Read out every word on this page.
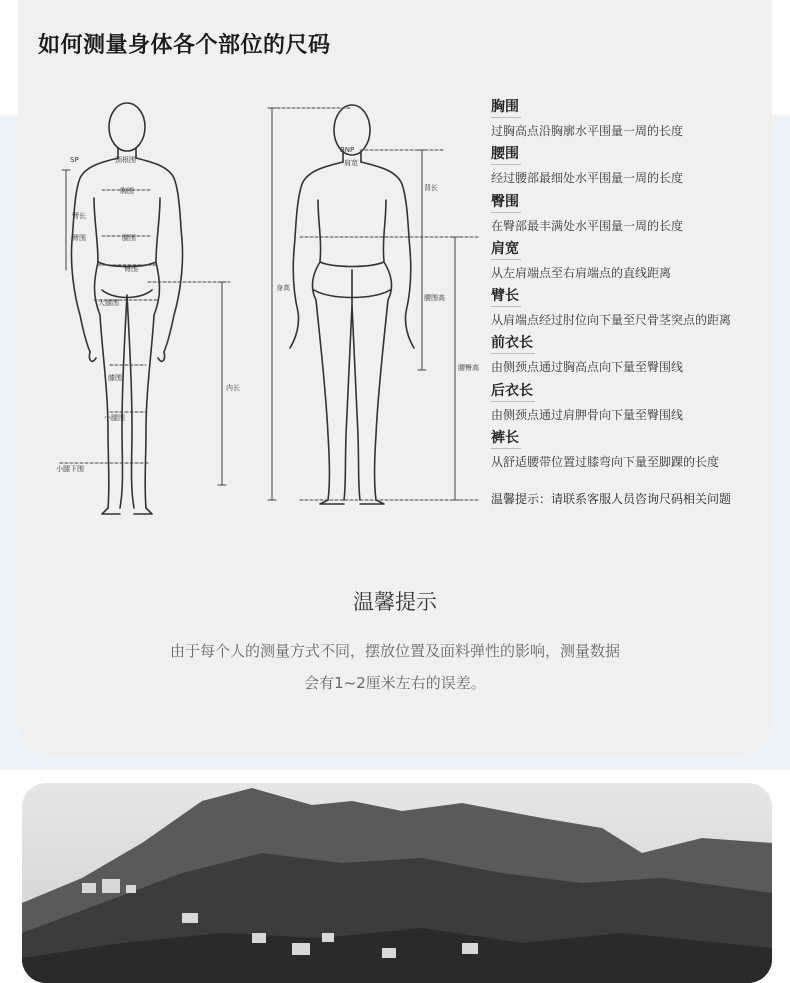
如何测量身体各个部位的尺码
SP	颈根围
胸围
臂长
臂围	腰围
臀围
大腿围
膝围
小腿围
小腿下围
内长
BNP
肩宽
背长
身高
腰围高
腰臀高
胸围
过胸高点沿胸廓水平围量一周的长度
腰围
经过腰部最细处水平围量一周的长度
臀围
在臀部最丰满处水平围量一周的长度
肩宽
从左肩端点至右肩端点的直线距离
臂长
从肩端点经过肘位向下量至尺骨茎突点的距离
前衣长
由侧颈点通过胸高点向下量至臀围线
后衣长
由侧颈点通过肩胛骨向下量至臀围线
裤长
从舒适腰带位置过膝弯向下量至脚踝的长度
温馨提示：请联系客服人员咨询尺码相关问题
温馨提示
由于每个人的测量方式不同，摆放位置及面料弹性的影响，测量数据
会有1~2厘米左右的误差。
